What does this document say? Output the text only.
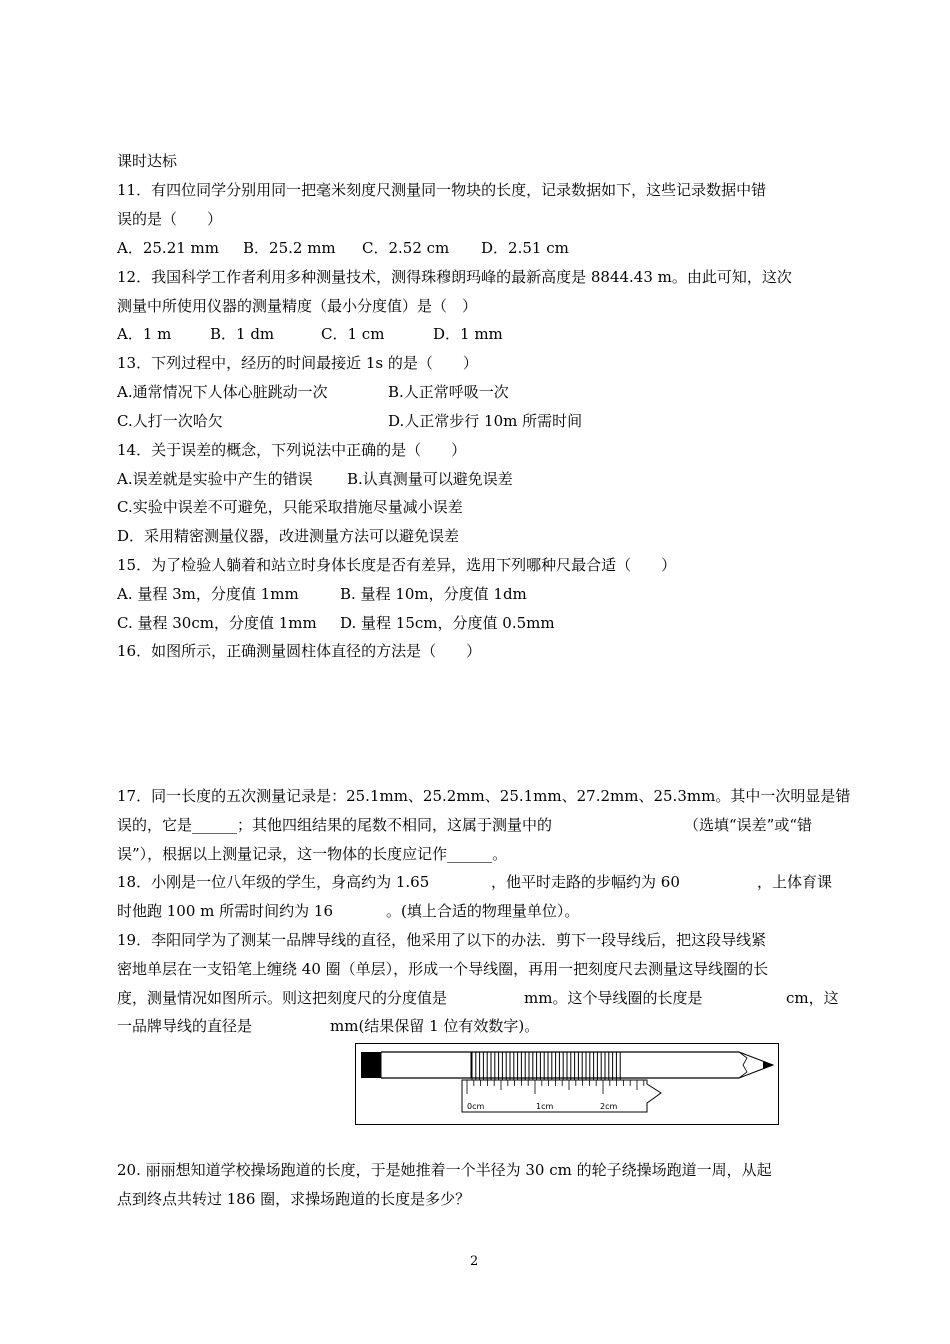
课时达标
11．有四位同学分别用同一把毫米刻度尺测量同一物块的长度，记录数据如下，这些记录数据中错
误的是（　　）
A．25.21 mm B．25.2 mm C．2.52 cm D．2.51 cm
12．我国科学工作者利用多种测量技术，测得珠穆朗玛峰的最新高度是 8844.43 m。由此可知，这次
测量中所使用仪器的测量精度（最小分度值）是（　）
A．1 m	B．1 dm	C．1 cm	D．1 mm
13．下列过程中，经历的时间最接近 1s 的是（　　）
A.通常情况下人体心脏跳动一次	B.人正常呼吸一次
C.人打一次哈欠	D.人正常步行 10m 所需时间
14．关于误差的概念，下列说法中正确的是（　　）
A.误差就是实验中产生的错误 B.认真测量可以避免误差
C.实验中误差不可避免，只能采取措施尽量减小误差
D．采用精密测量仪器，改进测量方法可以避免误差
15．为了检验人躺着和站立时身体长度是否有差异，选用下列哪种尺最合适（　　）
A. 量程 3m，分度值 1mm	B. 量程 10m，分度值 1dm
C. 量程 30cm，分度值 1mm D. 量程 15cm，分度值 0.5mm
16．如图所示，正确测量圆柱体直径的方法是（　　）
17．同一长度的五次测量记录是：25.1mm、25.2mm、25.1mm、27.2mm、25.3mm。其中一次明显是错
误的，它是______；其他四组结果的尾数不相同，这属于测量中的	（选填“误差”或“错
误”），根据以上测量记录，这一物体的长度应记作______。
18．小刚是一位八年级的学生，身高约为 1.65	，他平时走路的步幅约为 60	，上体育课
时他跑 100 m 所需时间约为 16	。(填上合适的物理量单位）。
19．李阳同学为了测某一品牌导线的直径，他采用了以下的办法．剪下一段导线后，把这段导线紧
密地单层在一支铅笔上缠绕 40 圈（单层），形成一个导线圈，再用一把刻度尺去测量这导线圈的长
度，测量情况如图所示。则这把刻度尺的分度值是	mm。这个导线圈的长度是	cm，这
一品牌导线的直径是	mm(结果保留 1 位有效数字)。
0cm	1cm	2cm
20. 丽丽想知道学校操场跑道的长度，于是她推着一个半径为 30 cm 的轮子绕操场跑道一周，从起
点到终点共转过 186 圈，求操场跑道的长度是多少？
2
